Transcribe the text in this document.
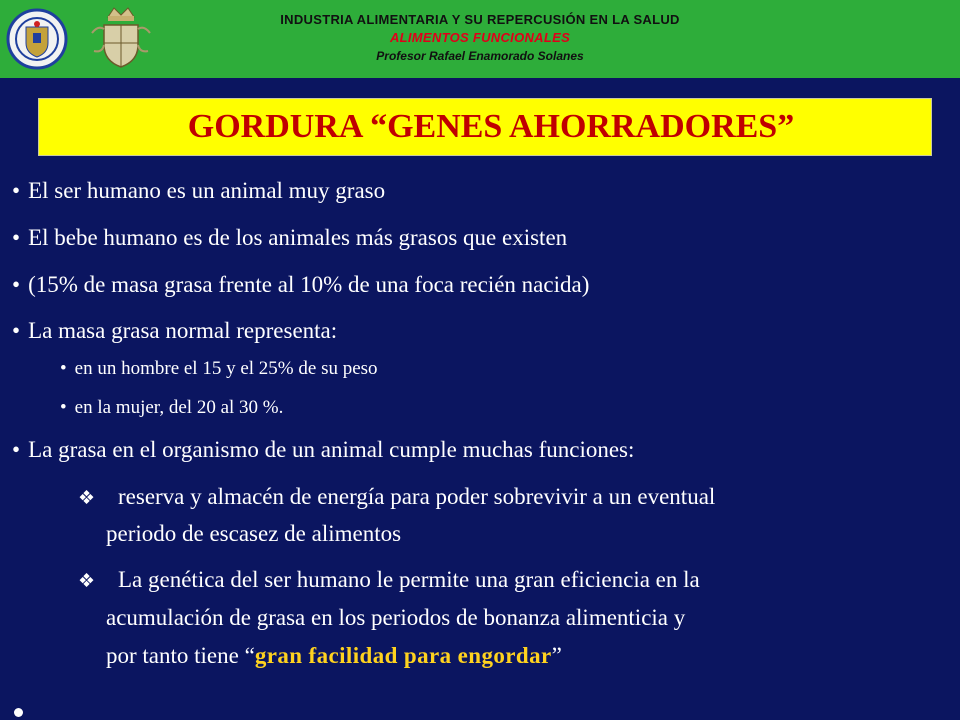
INDUSTRIA ALIMENTARIA Y SU REPERCUSIÓN EN LA SALUD
ALIMENTOS FUNCIONALES
Profesor Rafael Enamorado Solanes
GORDURA “GENES AHORRADORES”
• El ser humano es un animal muy graso
• El bebe humano es de los animales más grasos que existen
• (15% de masa grasa frente al 10% de una foca recién nacida)
• La masa grasa normal representa:
• en un hombre el 15 y el 25% de su peso
• en la mujer, del 20 al 30 %.
• La grasa en el organismo de un animal cumple muchas funciones:
❖ reserva y almacén de energía para poder sobrevivir a un eventual
periodo de escasez de alimentos
❖ La genética del ser humano le permite una gran eficiencia en la
acumulación de grasa en los periodos de bonanza alimenticia y
por tanto tiene “gran facilidad para engordar”
